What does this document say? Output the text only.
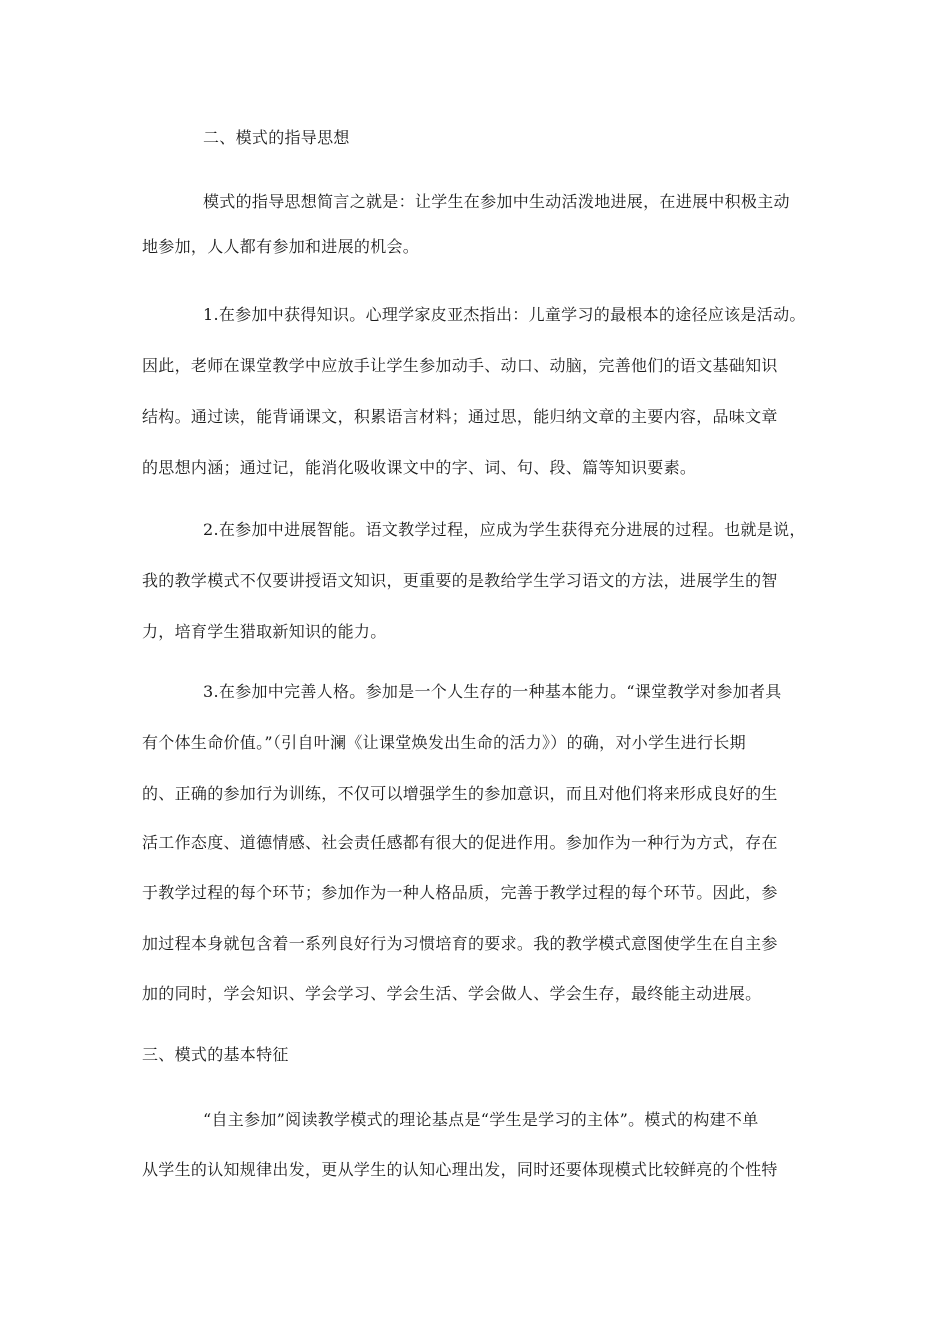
二、模式的指导思想
模式的指导思想简言之就是：让学生在参加中生动活泼地进展，在进展中积极主动
地参加，人人都有参加和进展的机会。
1.在参加中获得知识。心理学家皮亚杰指出：儿童学习的最根本的途径应该是活动。
因此，老师在课堂教学中应放手让学生参加动手、动口、动脑，完善他们的语文基础知识
结构。通过读，能背诵课文，积累语言材料；通过思，能归纳文章的主要内容，品味文章
的思想内涵；通过记，能消化吸收课文中的字、词、句、段、篇等知识要素。
2.在参加中进展智能。语文教学过程，应成为学生获得充分进展的过程。也就是说，
我的教学模式不仅要讲授语文知识，更重要的是教给学生学习语文的方法，进展学生的智
力，培育学生猎取新知识的能力。
3.在参加中完善人格。参加是一个人生存的一种基本能力。“课堂教学对参加者具
有个体生命价值。”（引自叶澜《让课堂焕发出生命的活力》）的确，对小学生进行长期
的、正确的参加行为训练，不仅可以增强学生的参加意识，而且对他们将来形成良好的生
活工作态度、道德情感、社会责任感都有很大的促进作用。参加作为一种行为方式，存在
于教学过程的每个环节；参加作为一种人格品质，完善于教学过程的每个环节。因此，参
加过程本身就包含着一系列良好行为习惯培育的要求。我的教学模式意图使学生在自主参
加的同时，学会知识、学会学习、学会生活、学会做人、学会生存，最终能主动进展。
三、模式的基本特征
“自主参加”阅读教学模式的理论基点是“学生是学习的主体”。模式的构建不单
从学生的认知规律出发，更从学生的认知心理出发，同时还要体现模式比较鲜亮的个性特
